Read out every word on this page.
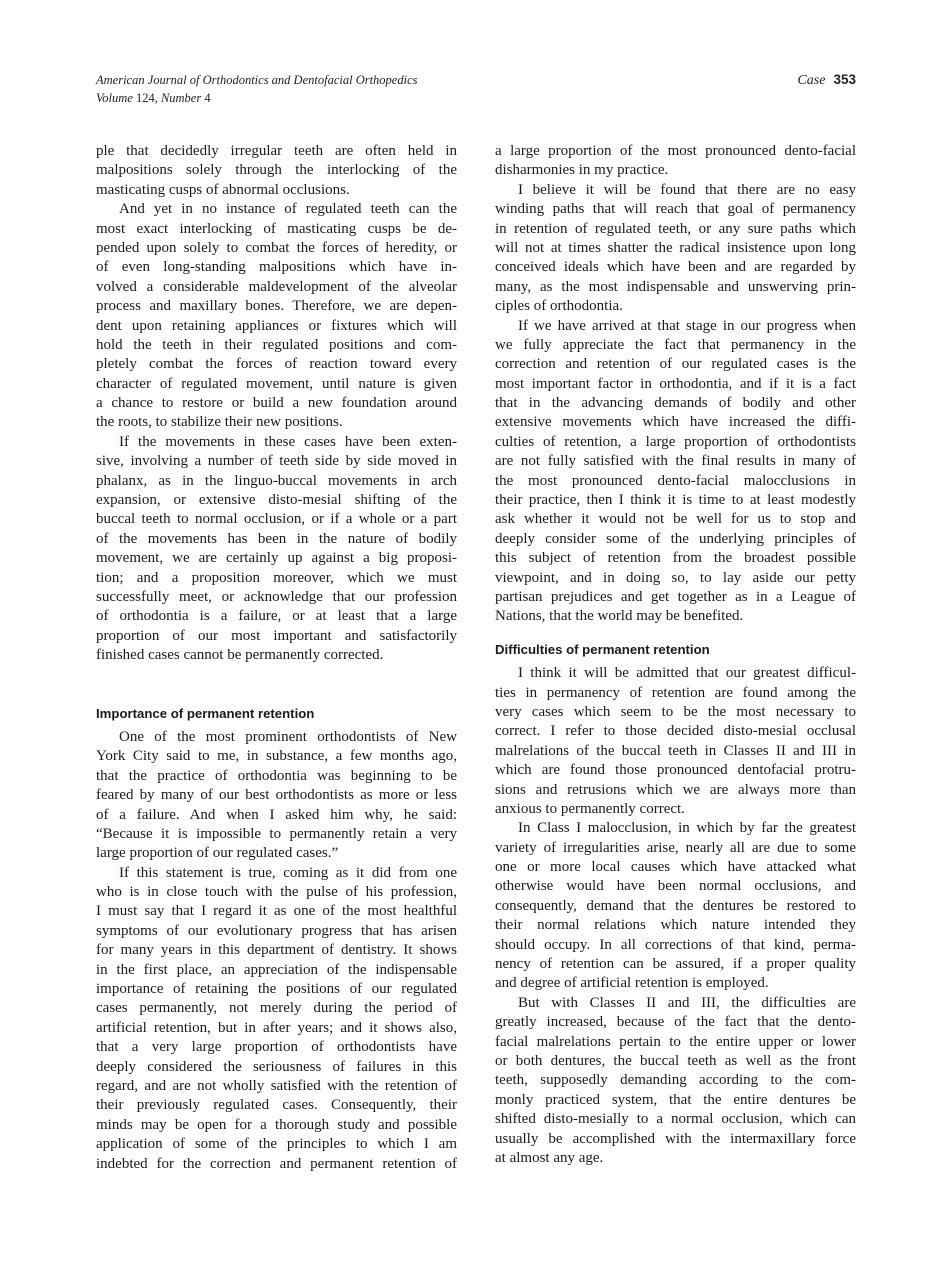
American Journal of Orthodontics and Dentofacial Orthopedics
Volume 124, Number 4
Case 353
ple that decidedly irregular teeth are often held in
malpositions solely through the interlocking of the
masticating cusps of abnormal occlusions.
And yet in no instance of regulated teeth can the
most exact interlocking of masticating cusps be de-
pended upon solely to combat the forces of heredity, or
of even long-standing malpositions which have in-
volved a considerable maldevelopment of the alveolar
process and maxillary bones. Therefore, we are depen-
dent upon retaining appliances or fixtures which will
hold the teeth in their regulated positions and com-
pletely combat the forces of reaction toward every
character of regulated movement, until nature is given
a chance to restore or build a new foundation around
the roots, to stabilize their new positions.
If the movements in these cases have been exten-
sive, involving a number of teeth side by side moved in
phalanx, as in the linguo-buccal movements in arch
expansion, or extensive disto-mesial shifting of the
buccal teeth to normal occlusion, or if a whole or a part
of the movements has been in the nature of bodily
movement, we are certainly up against a big proposi-
tion; and a proposition moreover, which we must
successfully meet, or acknowledge that our profession
of orthodontia is a failure, or at least that a large
proportion of our most important and satisfactorily
finished cases cannot be permanently corrected.
Importance of permanent retention
One of the most prominent orthodontists of New
York City said to me, in substance, a few months ago,
that the practice of orthodontia was beginning to be
feared by many of our best orthodontists as more or less
of a failure. And when I asked him why, he said:
“Because it is impossible to permanently retain a very
large proportion of our regulated cases.”
If this statement is true, coming as it did from one
who is in close touch with the pulse of his profession,
I must say that I regard it as one of the most healthful
symptoms of our evolutionary progress that has arisen
for many years in this department of dentistry. It shows
in the first place, an appreciation of the indispensable
importance of retaining the positions of our regulated
cases permanently, not merely during the period of
artificial retention, but in after years; and it shows also,
that a very large proportion of orthodontists have
deeply considered the seriousness of failures in this
regard, and are not wholly satisfied with the retention of
their previously regulated cases. Consequently, their
minds may be open for a thorough study and possible
application of some of the principles to which I am
indebted for the correction and permanent retention of
a large proportion of the most pronounced dento-facial
disharmonies in my practice.
I believe it will be found that there are no easy
winding paths that will reach that goal of permanency
in retention of regulated teeth, or any sure paths which
will not at times shatter the radical insistence upon long
conceived ideals which have been and are regarded by
many, as the most indispensable and unswerving prin-
ciples of orthodontia.
If we have arrived at that stage in our progress when
we fully appreciate the fact that permanency in the
correction and retention of our regulated cases is the
most important factor in orthodontia, and if it is a fact
that in the advancing demands of bodily and other
extensive movements which have increased the diffi-
culties of retention, a large proportion of orthodontists
are not fully satisfied with the final results in many of
the most pronounced dento-facial malocclusions in
their practice, then I think it is time to at least modestly
ask whether it would not be well for us to stop and
deeply consider some of the underlying principles of
this subject of retention from the broadest possible
viewpoint, and in doing so, to lay aside our petty
partisan prejudices and get together as in a League of
Nations, that the world may be benefited.
Difficulties of permanent retention
I think it will be admitted that our greatest difficul-
ties in permanency of retention are found among the
very cases which seem to be the most necessary to
correct. I refer to those decided disto-mesial occlusal
malrelations of the buccal teeth in Classes II and III in
which are found those pronounced dentofacial protru-
sions and retrusions which we are always more than
anxious to permanently correct.
In Class I malocclusion, in which by far the greatest
variety of irregularities arise, nearly all are due to some
one or more local causes which have attacked what
otherwise would have been normal occlusions, and
consequently, demand that the dentures be restored to
their normal relations which nature intended they
should occupy. In all corrections of that kind, perma-
nency of retention can be assured, if a proper quality
and degree of artificial retention is employed.
But with Classes II and III, the difficulties are
greatly increased, because of the fact that the dento-
facial malrelations pertain to the entire upper or lower
or both dentures, the buccal teeth as well as the front
teeth, supposedly demanding according to the com-
monly practiced system, that the entire dentures be
shifted disto-mesially to a normal occlusion, which can
usually be accomplished with the intermaxillary force
at almost any age.
